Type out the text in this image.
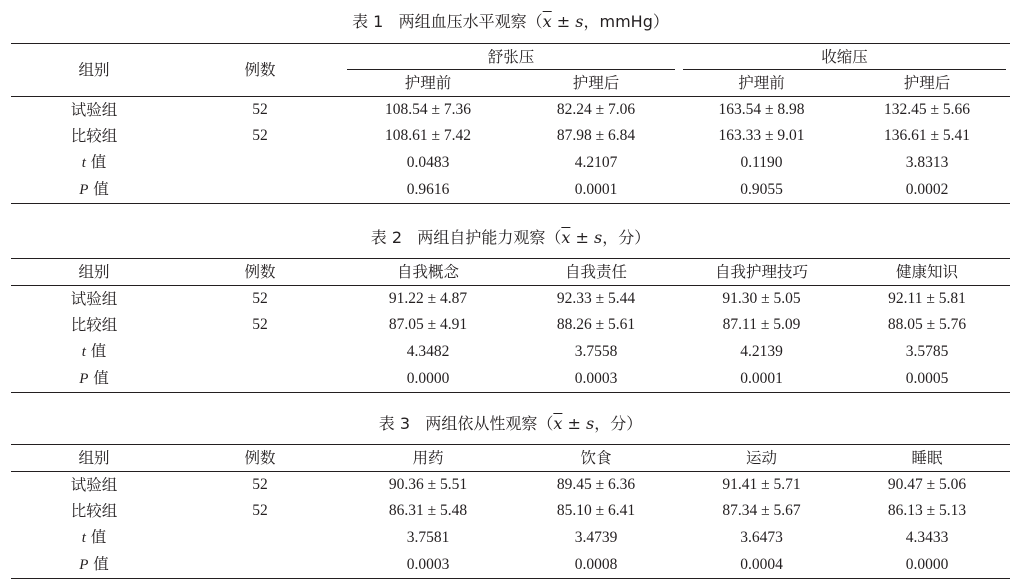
表 1 两组血压水平观察（$\overline{x} \pm s$，mmHg）
组别	例数	舒张压		收缩压	

		护理前	护理后	护理前	护理后
试验组	52	108.54 ± 7.36	82.24 ± 7.06	163.54 ± 8.98	132.45 ± 5.66
比较组	52	108.61 ± 7.42	87.98 ± 6.84	163.33 ± 9.01	136.61 ± 5.41
t 值		0.0483	4.2107	0.1190	3.8313
P 值		0.9616	0.0001	0.9055	0.0002
表 2 两组自护能力观察（$\overline{x} \pm s$，分）
组别	例数	自我概念	自我责任	自我护理技巧	健康知识
试验组	52	91.22 ± 4.87	92.33 ± 5.44	91.30 ± 5.05	92.11 ± 5.81
比较组	52	87.05 ± 4.91	88.26 ± 5.61	87.11 ± 5.09	88.05 ± 5.76
t 值		4.3482	3.7558	4.2139	3.5785
P 值		0.0000	0.0003	0.0001	0.0005
表 3 两组依从性观察（$\overline{x} \pm s$，分）
组别	例数	用药	饮食	运动	睡眠
试验组	52	90.36 ± 5.51	89.45 ± 6.36	91.41 ± 5.71	90.47 ± 5.06
比较组	52	86.31 ± 5.48	85.10 ± 6.41	87.34 ± 5.67	86.13 ± 5.13
t 值		3.7581	3.4739	3.6473	4.3433
P 值		0.0003	0.0008	0.0004	0.0000
